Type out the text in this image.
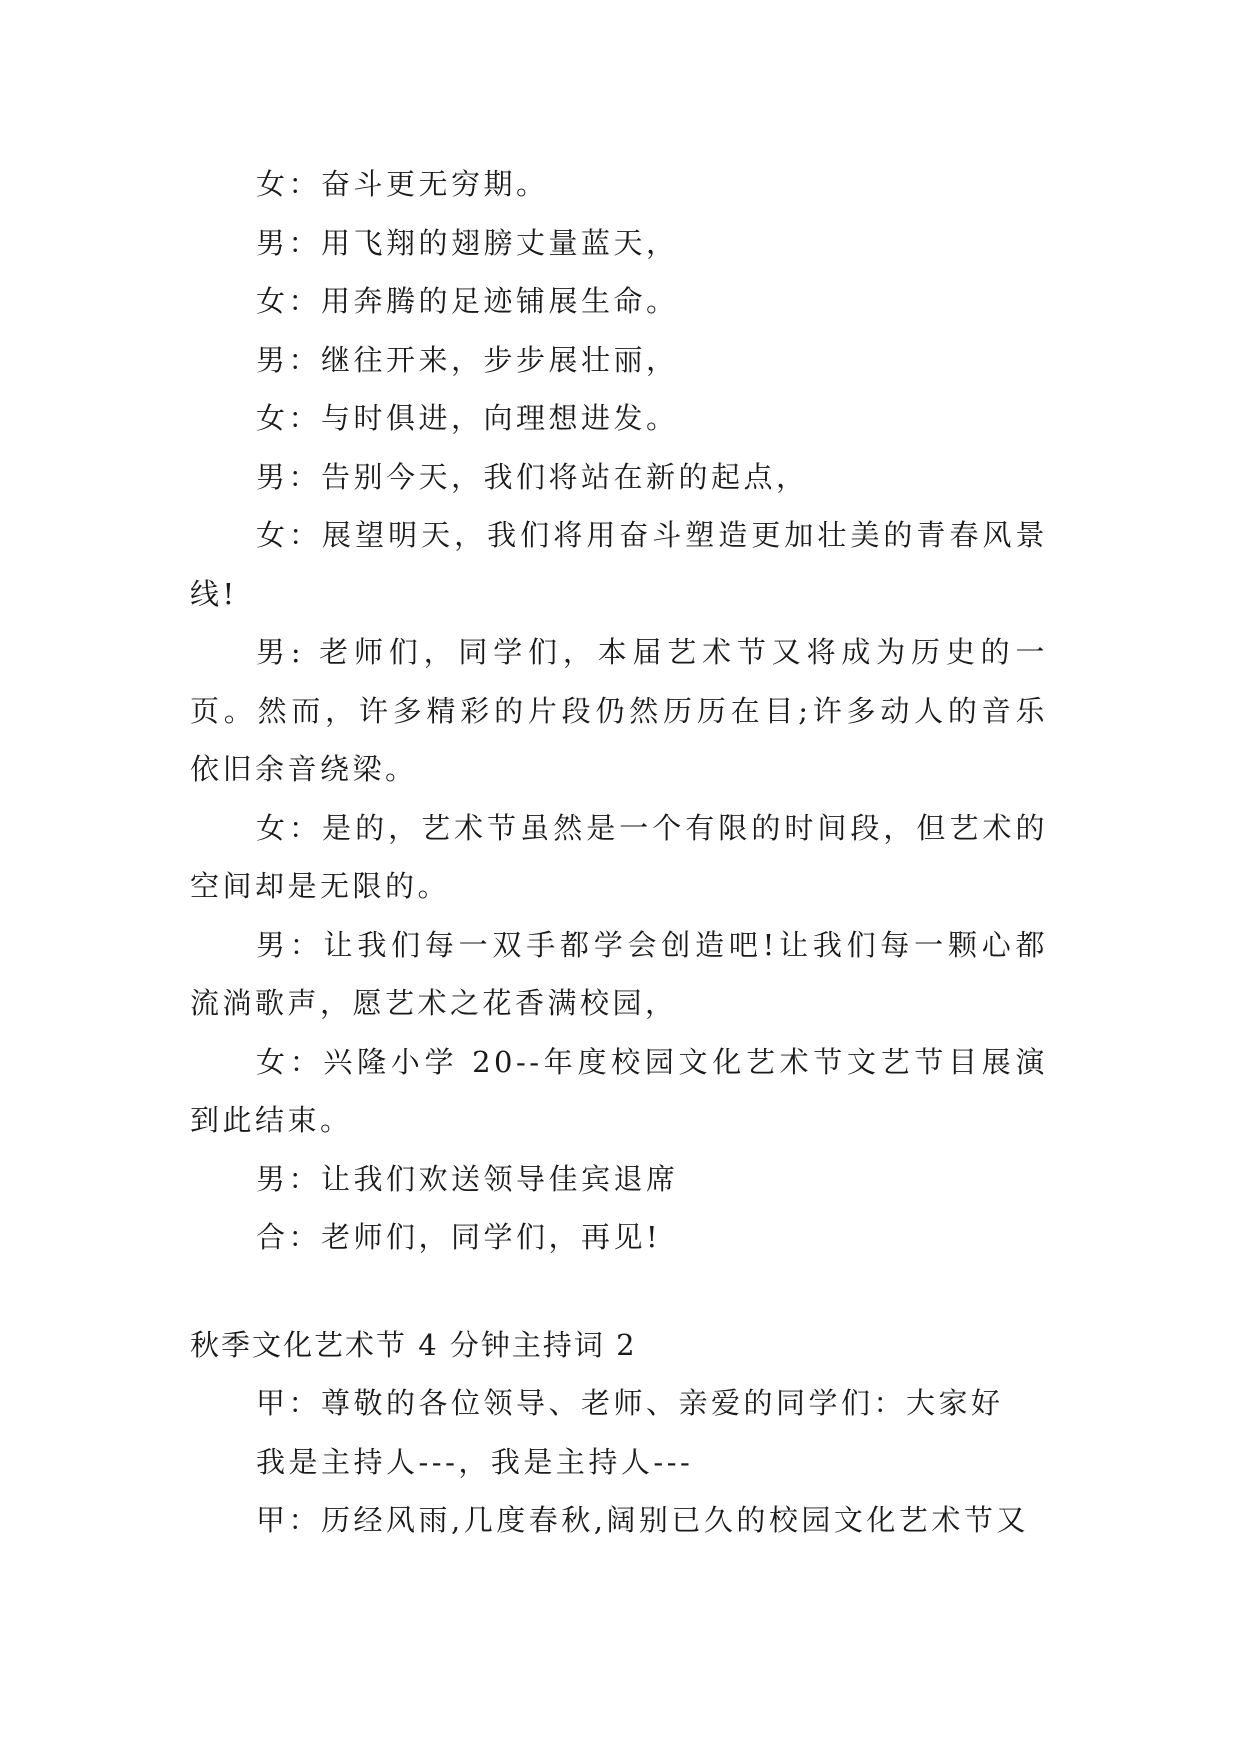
女：奋斗更无穷期。

男：用飞翔的翅膀丈量蓝天，

女：用奔腾的足迹铺展生命。

男：继往开来，步步展壮丽，

女：与时俱进，向理想进发。

男：告别今天，我们将站在新的起点，

女：展望明天，我们将用奋斗塑造更加壮美的青春风景线!

男: 老师们，同学们，本届艺术节又将成为历史的一页。然而，许多精彩的片段仍然历历在目;许多动人的音乐依旧余音绕梁。

女：是的，艺术节虽然是一个有限的时间段，但艺术的空间却是无限的。

男：让我们每一双手都学会创造吧!让我们每一颗心都流淌歌声，愿艺术之花香满校园，

女：兴隆小学 20--年度校园文化艺术节文艺节目展演到此结束。

男：让我们欢送领导佳宾退席

合：老师们，同学们，再见!

秋季文化艺术节 4 分钟主持词 2

甲：尊敬的各位领导、老师、亲爱的同学们：大家好

我是主持人---，我是主持人---

甲：历经风雨,几度春秋,阔别已久的校园文化艺术节又
